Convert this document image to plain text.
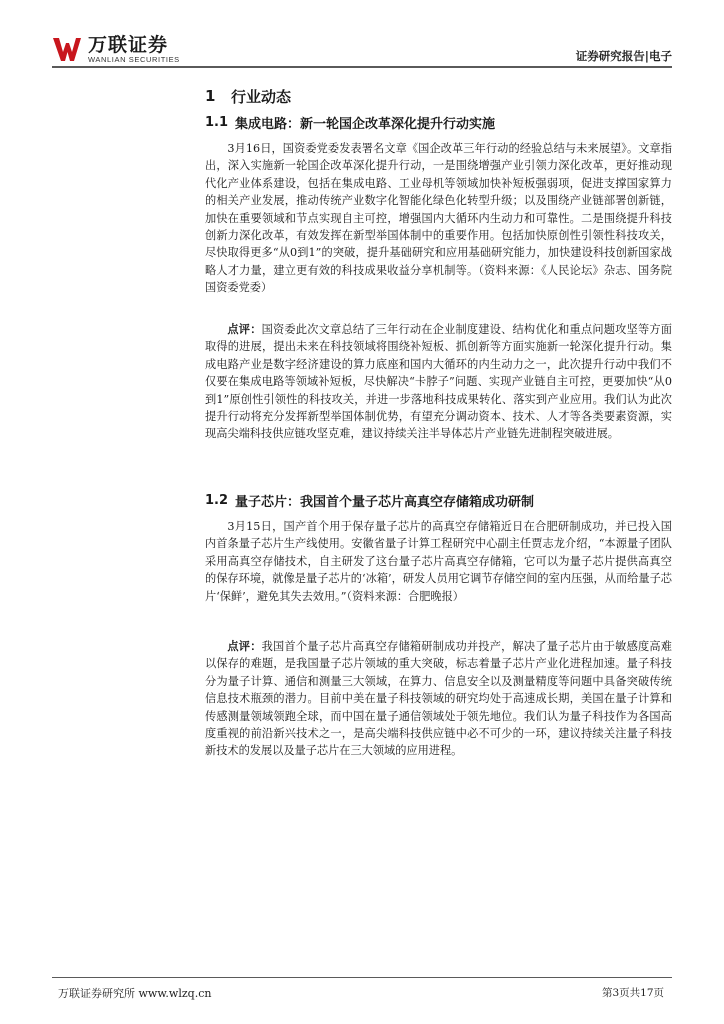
万联证券
WANLIAN SECURITIES	证券研究报告|电子
1	行业动态
1.1 集成电路：新一轮国企改革深化提升行动实施

3月16日，国资委党委发表署名文章《国企改革三年行动的经验总结与未来展望》。文章指出，深入实施新一轮国企改革深化提升行动，一是围绕增强产业引领力深化改革，更好推动现代化产业体系建设，包括在集成电路、工业母机等领域加快补短板强弱项，促进支撑国家算力的相关产业发展，推动传统产业数字化智能化绿色化转型升级；以及围绕产业链部署创新链，加快在重要领域和节点实现自主可控，增强国内大循环内生动力和可靠性。二是围绕提升科技创新力深化改革，有效发挥在新型举国体制中的重要作用。包括加快原创性引领性科技攻关，尽快取得更多“从0到1”的突破，提升基础研究和应用基础研究能力，加快建设科技创新国家战略人才力量，建立更有效的科技成果收益分享机制等。（资料来源：《人民论坛》杂志、国务院国资委党委）

点评：国资委此次文章总结了三年行动在企业制度建设、结构优化和重点问题攻坚等方面取得的进展，提出未来在科技领域将围绕补短板、抓创新等方面实施新一轮深化提升行动。集成电路产业是数字经济建设的算力底座和国内大循环的内生动力之一，此次提升行动中我们不仅要在集成电路等领域补短板，尽快解决“卡脖子”问题、实现产业链自主可控，更要加快“从0到1”原创性引领性的科技攻关，并进一步落地科技成果转化、落实到产业应用。我们认为此次提升行动将充分发挥新型举国体制优势，有望充分调动资本、技术、人才等各类要素资源，实现高尖端科技供应链攻坚克难，建议持续关注半导体芯片产业链先进制程突破进展。

1.2 量子芯片：我国首个量子芯片高真空存储箱成功研制

3月15日，国产首个用于保存量子芯片的高真空存储箱近日在合肥研制成功，并已投入国内首条量子芯片生产线使用。安徽省量子计算工程研究中心副主任贾志龙介绍，“本源量子团队采用高真空存储技术，自主研发了这台量子芯片高真空存储箱，它可以为量子芯片提供高真空的保存环境，就像是量子芯片的‘冰箱’，研发人员用它调节存储空间的室内压强，从而给量子芯片‘保鲜’，避免其失去效用。”（资料来源：合肥晚报）

点评：我国首个量子芯片高真空存储箱研制成功并投产，解决了量子芯片由于敏感度高难以保存的难题，是我国量子芯片领域的重大突破，标志着量子芯片产业化进程加速。量子科技分为量子计算、通信和测量三大领域，在算力、信息安全以及测量精度等问题中具备突破传统信息技术瓶颈的潜力。目前中美在量子科技领域的研究均处于高速成长期，美国在量子计算和传感测量领域领跑全球，而中国在量子通信领域处于领先地位。我们认为量子科技作为各国高度重视的前沿新兴技术之一，是高尖端科技供应链中必不可少的一环，建议持续关注量子科技新技术的发展以及量子芯片在三大领域的应用进程。

万联证券研究所 www.wlzq.cn	第3页共17页
